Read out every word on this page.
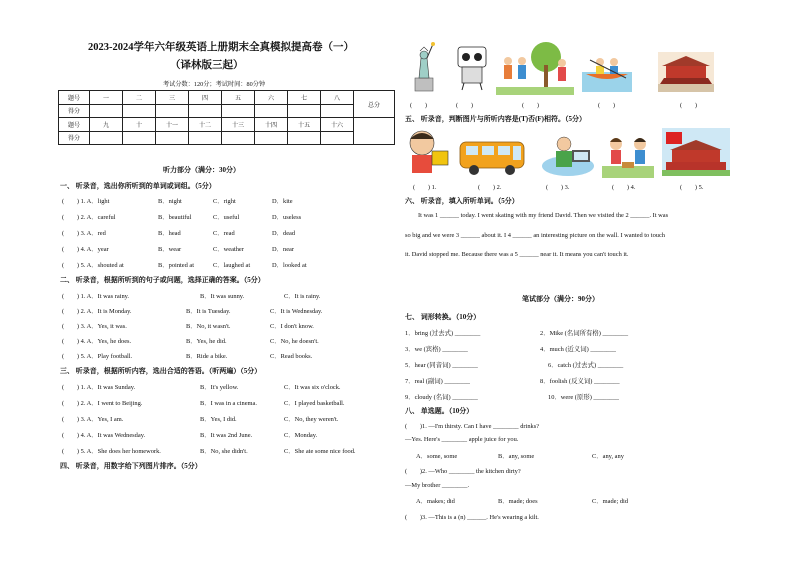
2023-2024学年六年级英语上册期末全真模拟提高卷（一）
（译林版三起）
考试分数：120分；考试时间：80分钟
题号	一	二	三	四	五	六	七	八	总分
得分									
题号	九	十	十一	十二	十三	十四	十五	十六	
得分									
听力部分（满分：30分）
一、 听录音，选出你所听到的单词或词组。（5分）
(　　) 1. A．light	B．night	C．right	D．kite
(　　) 2. A．careful	B．beautiful	C．useful	D．useless
(　　) 3. A．red	B．head	C．read	D．dead
(　　) 4. A．year	B．wear	C．weather	D．near
(　　) 5. A．shouted at	B．pointed at	C．laughed at	D．looked at
二、 听录音，根据所听到的句子或问题，选择正确的答案。（5分）
(　　) 1. A．It was rainy.	B．It was sunny.	C．It is rainy.
(　　) 2. A．It is Monday.	B．It is Tuesday.	C．It is Wednesday.
(　　) 3. A．Yes, it was.	B．No, it wasn't.	C．I don't know.
(　　) 4. A．Yes, he does.	B．Yes, he did.	C．No, he doesn't.
(　　) 5. A．Play football.	B．Ride a bike.	C．Read books.
三、 听录音，根据所听内容，选出合适的答语。（听两遍）（5分）
(　　) 1. A．It was Sunday.	B．It's yellow.	C．It was six o'clock.
(　　) 2. A．I went to Beijing.	B．I was in a cinema.	C．I played basketball.
(　　) 3. A．Yes, I am.	B．Yes, I did.	C．No, they weren't.
(　　) 4. A．It was Wednesday.	B．It was 2nd June.	C．Monday.
(　　) 5. A．She does her homework.	B．No, she didn't.	C．She ate some nice food.
四、 听录音，用数字给下列图片排序。（5分）
(　　)	(　　)	(　　)	(　　)	(　　)
五、 听录音，判断图片与所听内容是(T)否(F)相符。（5分）
(　　) 1.	(　　) 2.	(　　) 3.	(　　) 4.	(　　) 5.
六、 听录音，填入所听单词。（5分）
It was 1 ______ today. I went skating with my friend David. Then we visited the 2 ______. It was
so big and we were 3 ______ about it. I 4 ______ an interesting picture on the wall. I wanted to touch
it. David stopped me. Because there was a 5 ______ near it. It means you can't touch it.
笔试部分（满分：90分）
七、 词形转换。（10分）
1．bring (过去式) ________	2．Mike (名词所有格) ________
3．we (宾格) ________	4．much (近义词) ________
5．hear (同音词) ________	6．catch (过去式) ________
7．real (副词) ________	8．foolish (反义词) ________
9．cloudy (名词) ________	10．were (原形) ________
八、 单选题。（10分）
(　　)1. —I'm thirsty. Can I have ________ drinks?
—Yes. Here's ________ apple juice for you.
A．some, some	B．any, some	C．any, any
(　　)2. —Who ________ the kitchen dirty?
—My brother ________.
A．makes; did	B．made; does	C．made; did
(　　)3. —This is a (n) ______. He's wearing a kilt.
